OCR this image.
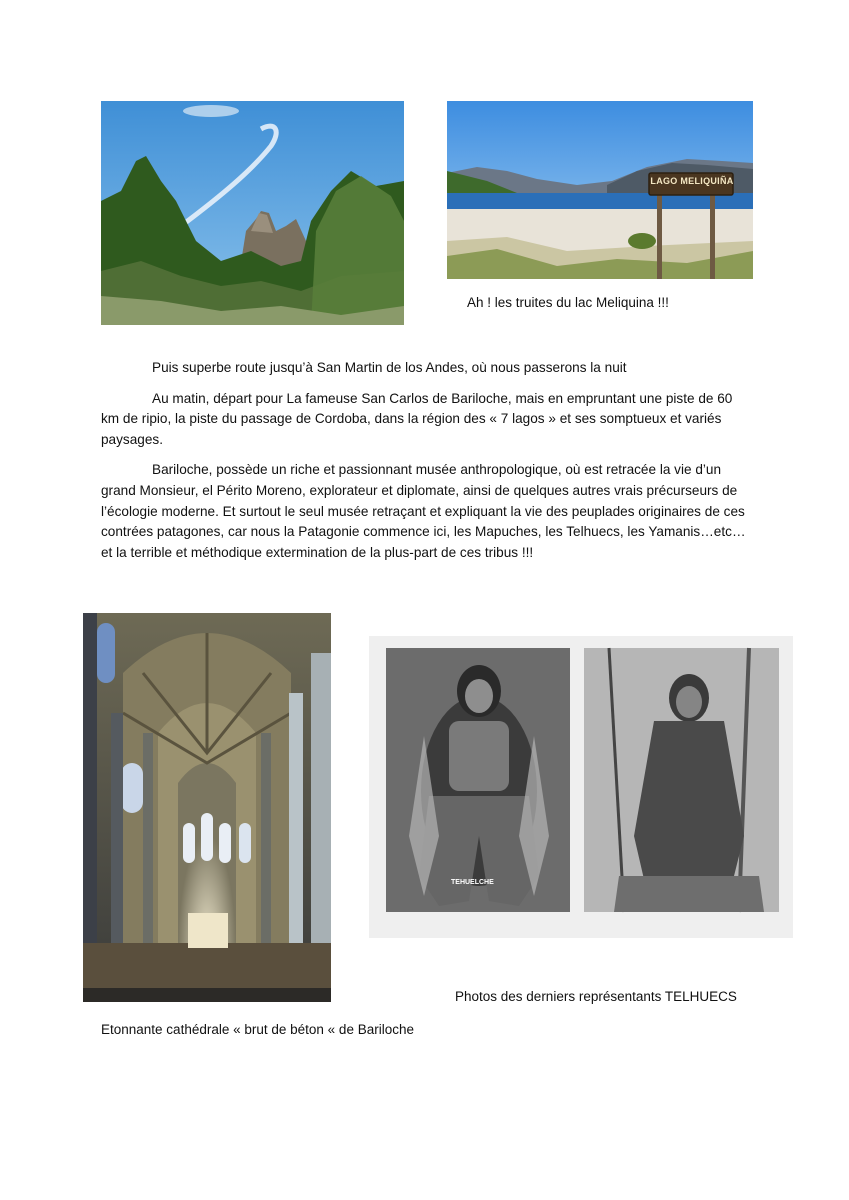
LAGO MELIQUIÑA
Ah ! les truites du lac Meliquina !!!

Puis superbe route jusqu’à San Martin de los Andes, où nous passerons la nuit

Au matin, départ pour La fameuse San Carlos de Bariloche, mais en empruntant une piste de 60 km de ripio, la piste du passage de Cordoba, dans la région des « 7 lagos » et ses somptueux et variés paysages.

Bariloche, possède un riche et passionnant musée anthropologique, où est retracée la vie d’un grand Monsieur, el Périto Moreno, explorateur et diplomate, ainsi de quelques autres vrais précurseurs de l’écologie moderne. Et surtout le seul musée retraçant et expliquant la vie des peuplades originaires de ces contrées patagones, car nous la Patagonie commence ici, les Mapuches, les Telhuecs, les Yamanis…etc…et la terrible et méthodique extermination de la plus-part de ces tribus !!!

TEHUELCHE
Photos des derniers représentants TELHUECS
Etonnante cathédrale « brut de béton « de Bariloche
